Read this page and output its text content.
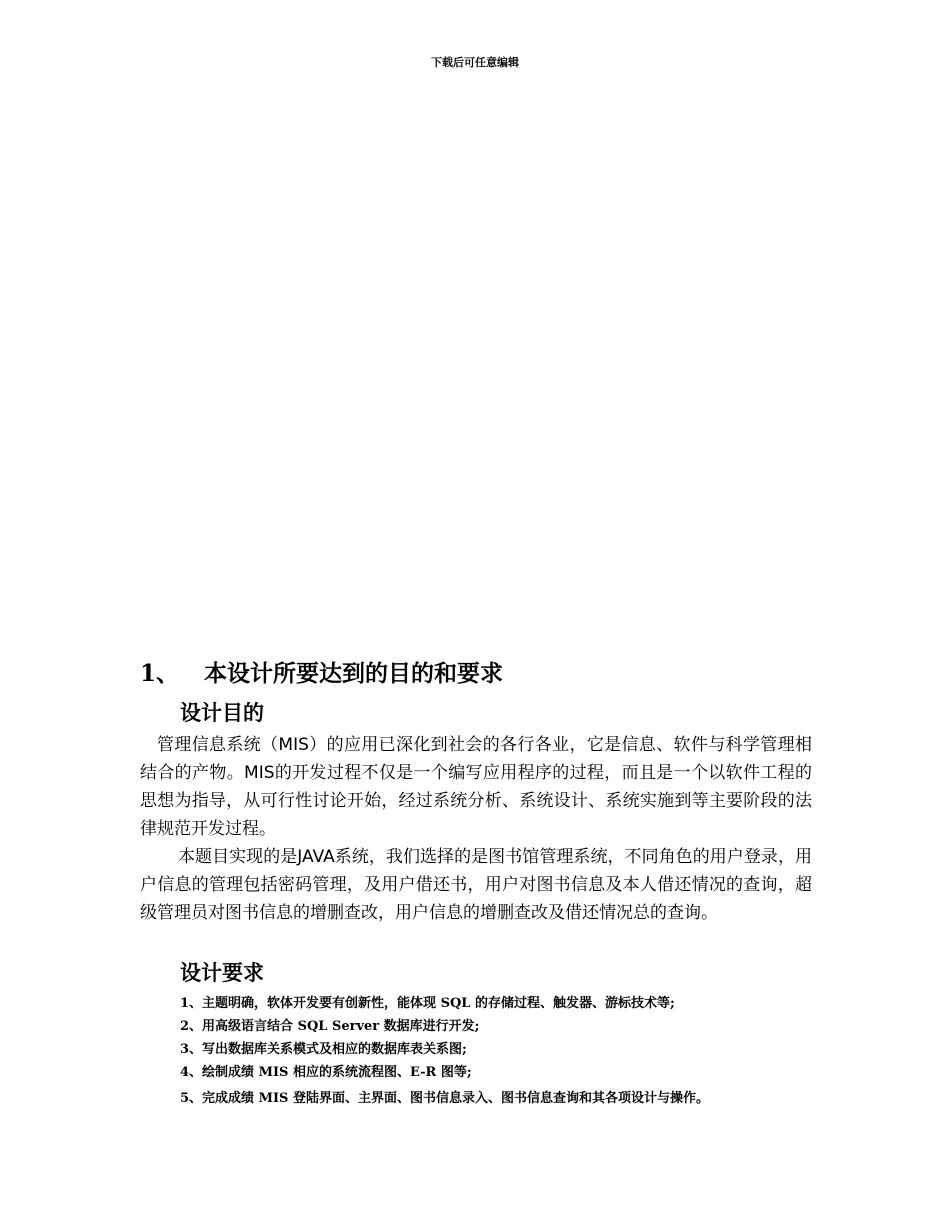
下载后可任意编辑
1、 本设计所要达到的目的和要求
设计目的
管理信息系统（MIS）的应用已深化到社会的各行各业，它是信息、软件与科学管理相结合的产物。MIS的开发过程不仅是一个编写应用程序的过程，而且是一个以软件工程的思想为指导，从可行性讨论开始，经过系统分析、系统设计、系统实施到等主要阶段的法律规范开发过程。
本题目实现的是JAVA系统，我们选择的是图书馆管理系统，不同角色的用户登录，用户信息的管理包括密码管理，及用户借还书，用户对图书信息及本人借还情况的查询，超级管理员对图书信息的增删查改，用户信息的增删查改及借还情况总的查询。
设计要求
1、主题明确，软体开发要有创新性，能体现 SQL 的存储过程、触发器、游标技术等;
2、用高级语言结合 SQL Server 数据库进行开发;
3、写出数据库关系模式及相应的数据库表关系图;
4、绘制成绩 MIS 相应的系统流程图、E-R 图等;
5、完成成绩 MIS 登陆界面、主界面、图书信息录入、图书信息查询和其各项设计与操作。
